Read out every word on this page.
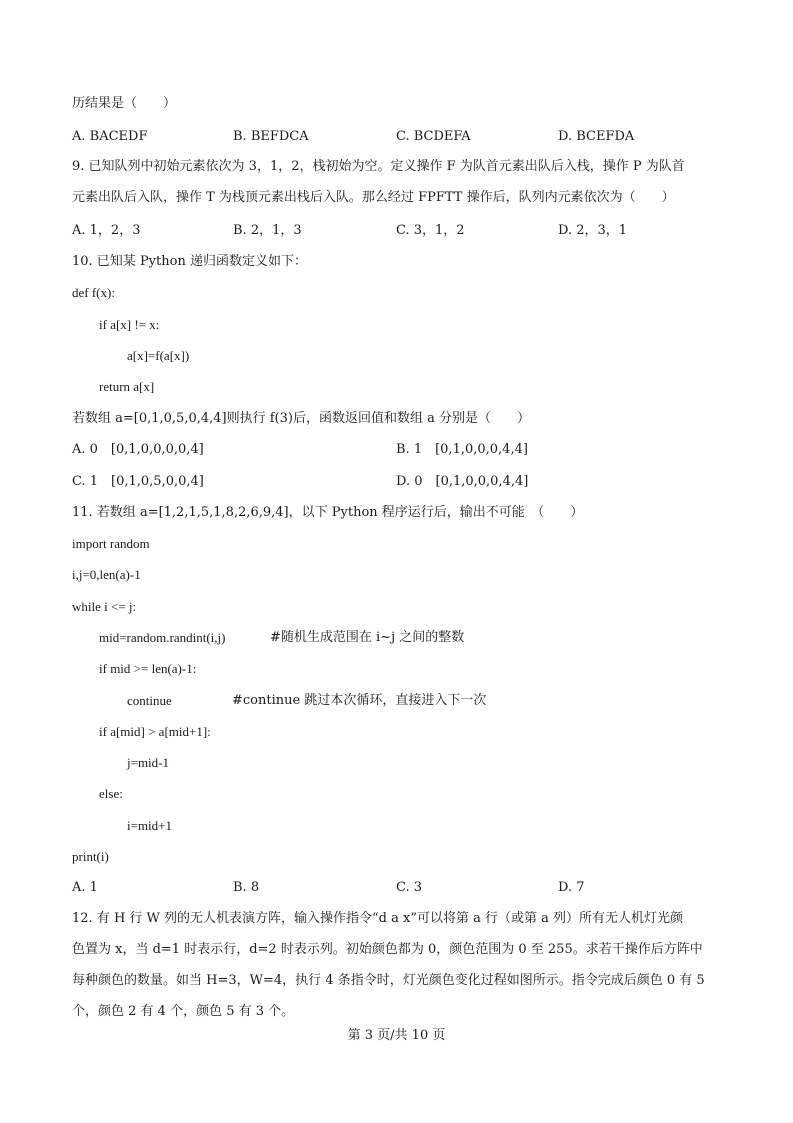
历结果是（　　）
A. BACEDF	B. BEFDCA	C. BCDEFA	D. BCEFDA
9. 已知队列中初始元素依次为 3，1，2，栈初始为空。定义操作 F 为队首元素出队后入栈，操作 P 为队首
元素出队后入队，操作 T 为栈顶元素出栈后入队。那么经过 FPFTT 操作后，队列内元素依次为（　　）
A. 1，2，3	B. 2，1，3	C. 3，1，2	D. 2，3，1
10. 已知某 Python 递归函数定义如下：
def f(x):
if a[x] != x:
a[x]=f(a[x])
return a[x]
若数组 a=[0,1,0,5,0,4,4]则执行 f(3)后，函数返回值和数组 a 分别是（　　）
A. 0　[0,1,0,0,0,0,4]	B. 1　[0,1,0,0,0,4,4]
C. 1　[0,1,0,5,0,0,4]	D. 0　[0,1,0,0,0,4,4]
11. 若数组 a=[1,2,1,5,1,8,2,6,9,4]，以下 Python 程序运行后，输出不可能　（　　）
import random
i,j=0,len(a)-1
while i <= j:
mid=random.randint(i,j)	#随机生成范围在 i~j 之间的整数
if mid >= len(a)-1:
continue	#continue 跳过本次循环，直接进入下一次
if a[mid] > a[mid+1]:
j=mid-1
else:
i=mid+1
print(i)
A. 1	B. 8	C. 3	D. 7
12. 有 H 行 W 列的无人机表演方阵，输入操作指令“d a x”可以将第 a 行（或第 a 列）所有无人机灯光颜
色置为 x，当 d=1 时表示行，d=2 时表示列。初始颜色都为 0，颜色范围为 0 至 255。求若干操作后方阵中
每种颜色的数量。如当 H=3，W=4，执行 4 条指令时，灯光颜色变化过程如图所示。指令完成后颜色 0 有 5
个，颜色 2 有 4 个，颜色 5 有 3 个。
第 3 页/共 10 页
